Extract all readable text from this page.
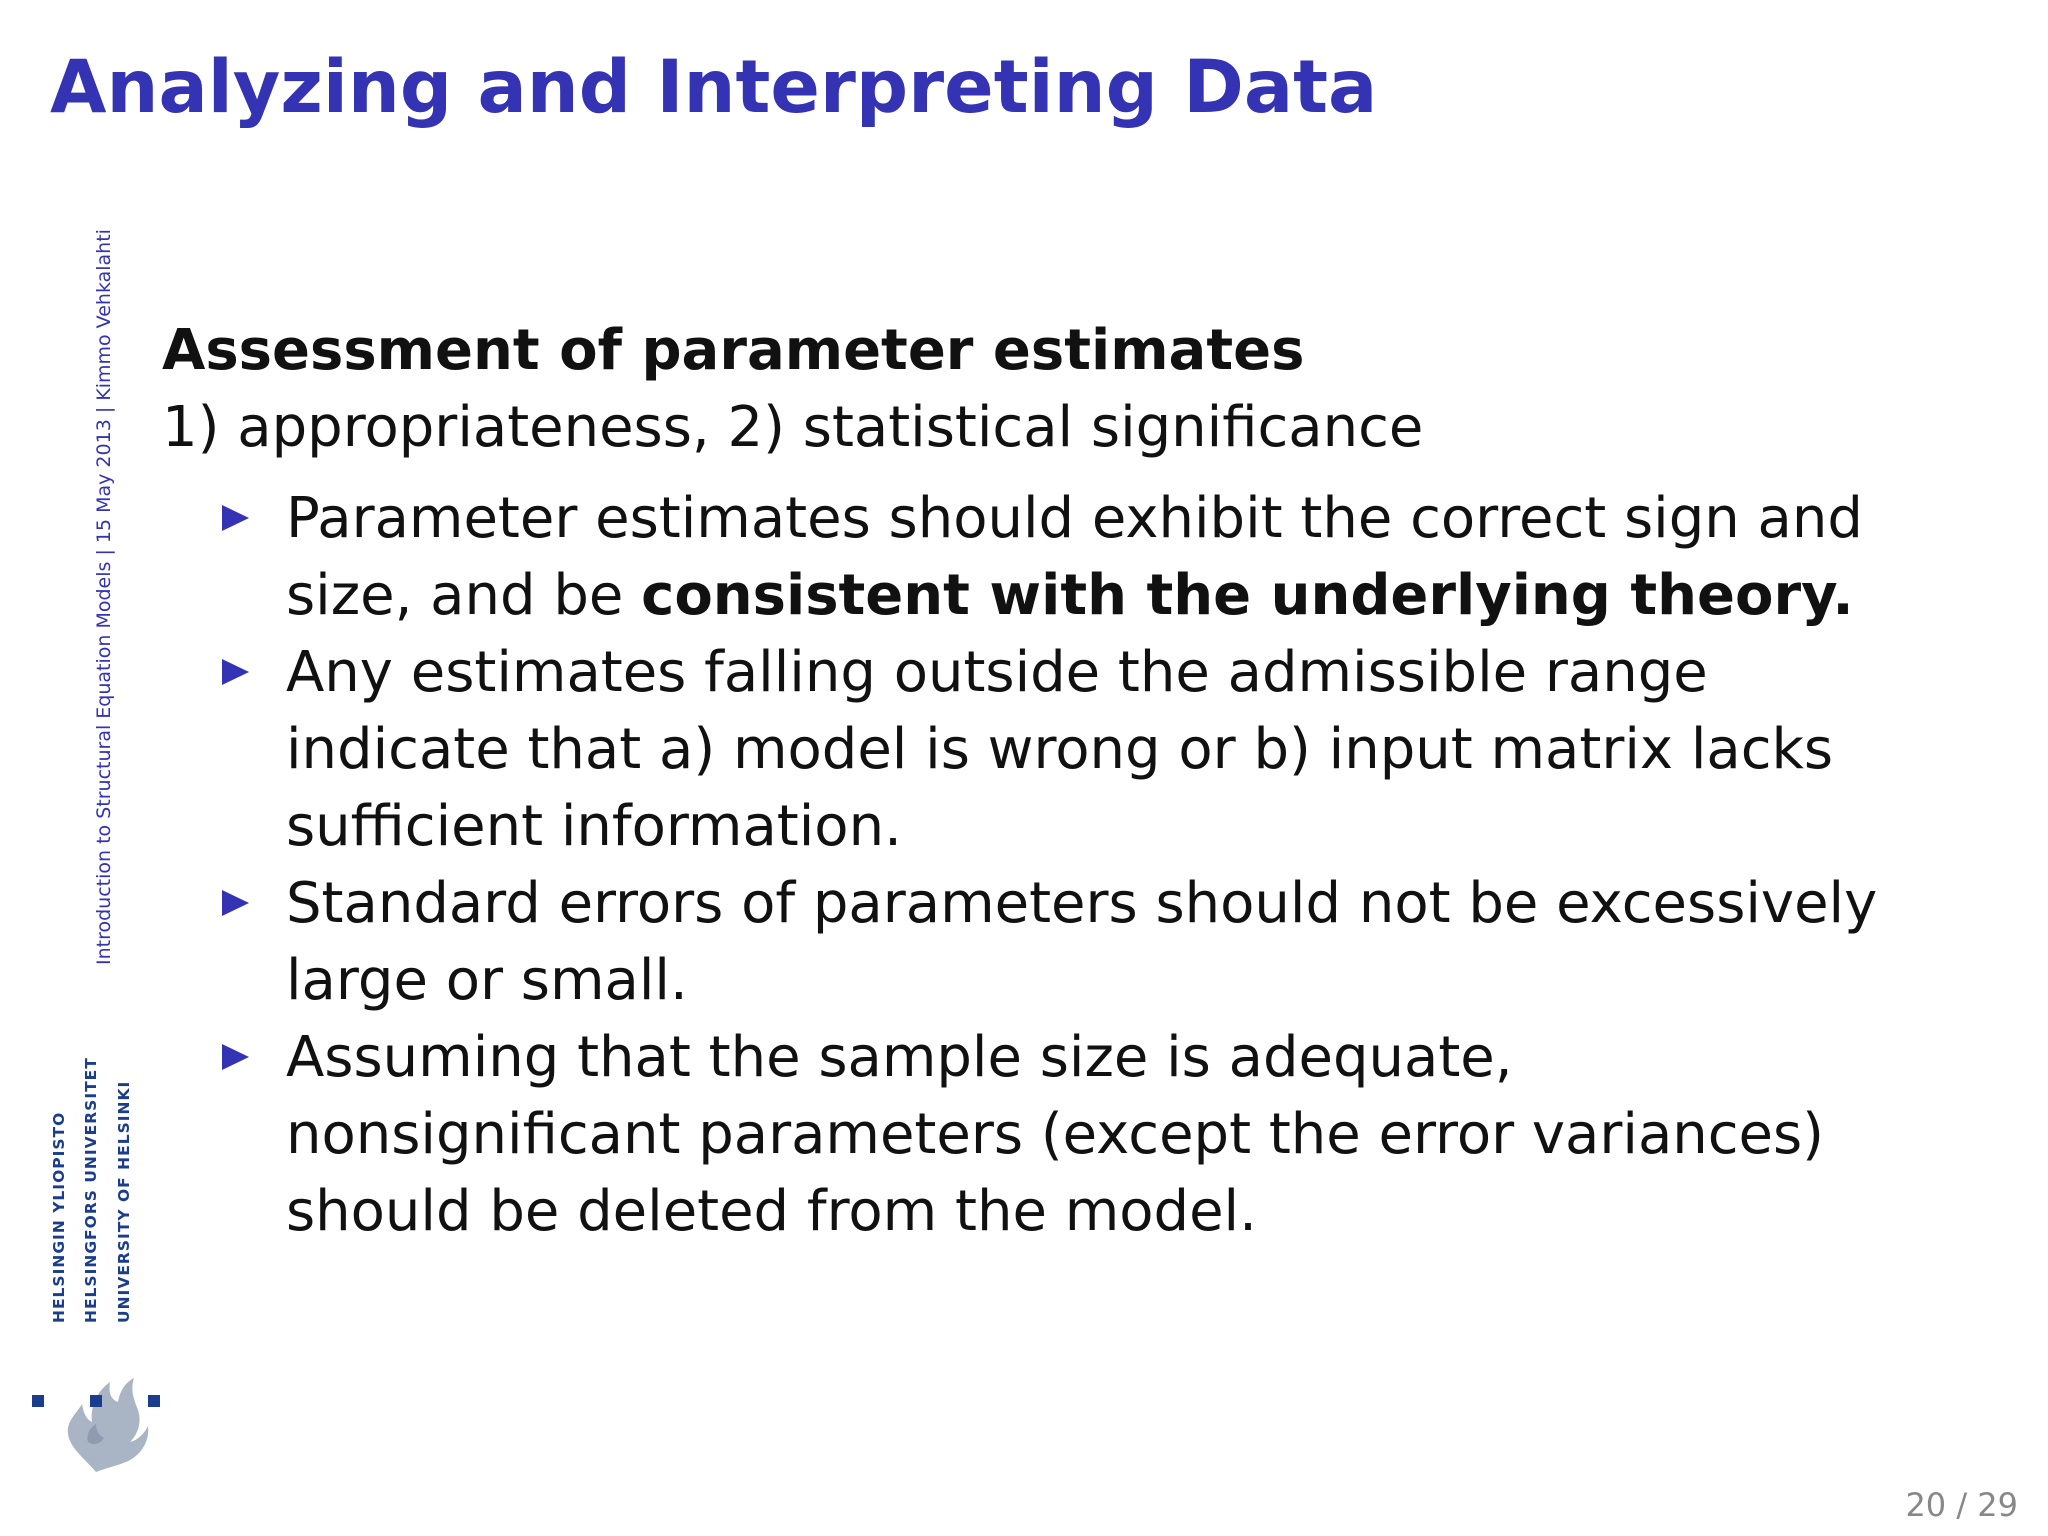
Analyzing and Interpreting Data
Introduction to Structural Equation Models | 15 May 2013 | Kimmo Vehkalahti
HELSINGIN YLIOPISTO HELSINGFORS UNIVERSITET UNIVERSITY OF HELSINKI

Assessment of parameter estimates

1) appropriateness, 2) statistical significance

Parameter estimates should exhibit the correct sign and size, and be consistent with the underlying theory.
Any estimates falling outside the admissible range indicate that a) model is wrong or b) input matrix lacks sufficient information.
Standard errors of parameters should not be excessively large or small.
Assuming that the sample size is adequate, nonsignificant parameters (except the error variances) should be deleted from the model.
20 / 29
